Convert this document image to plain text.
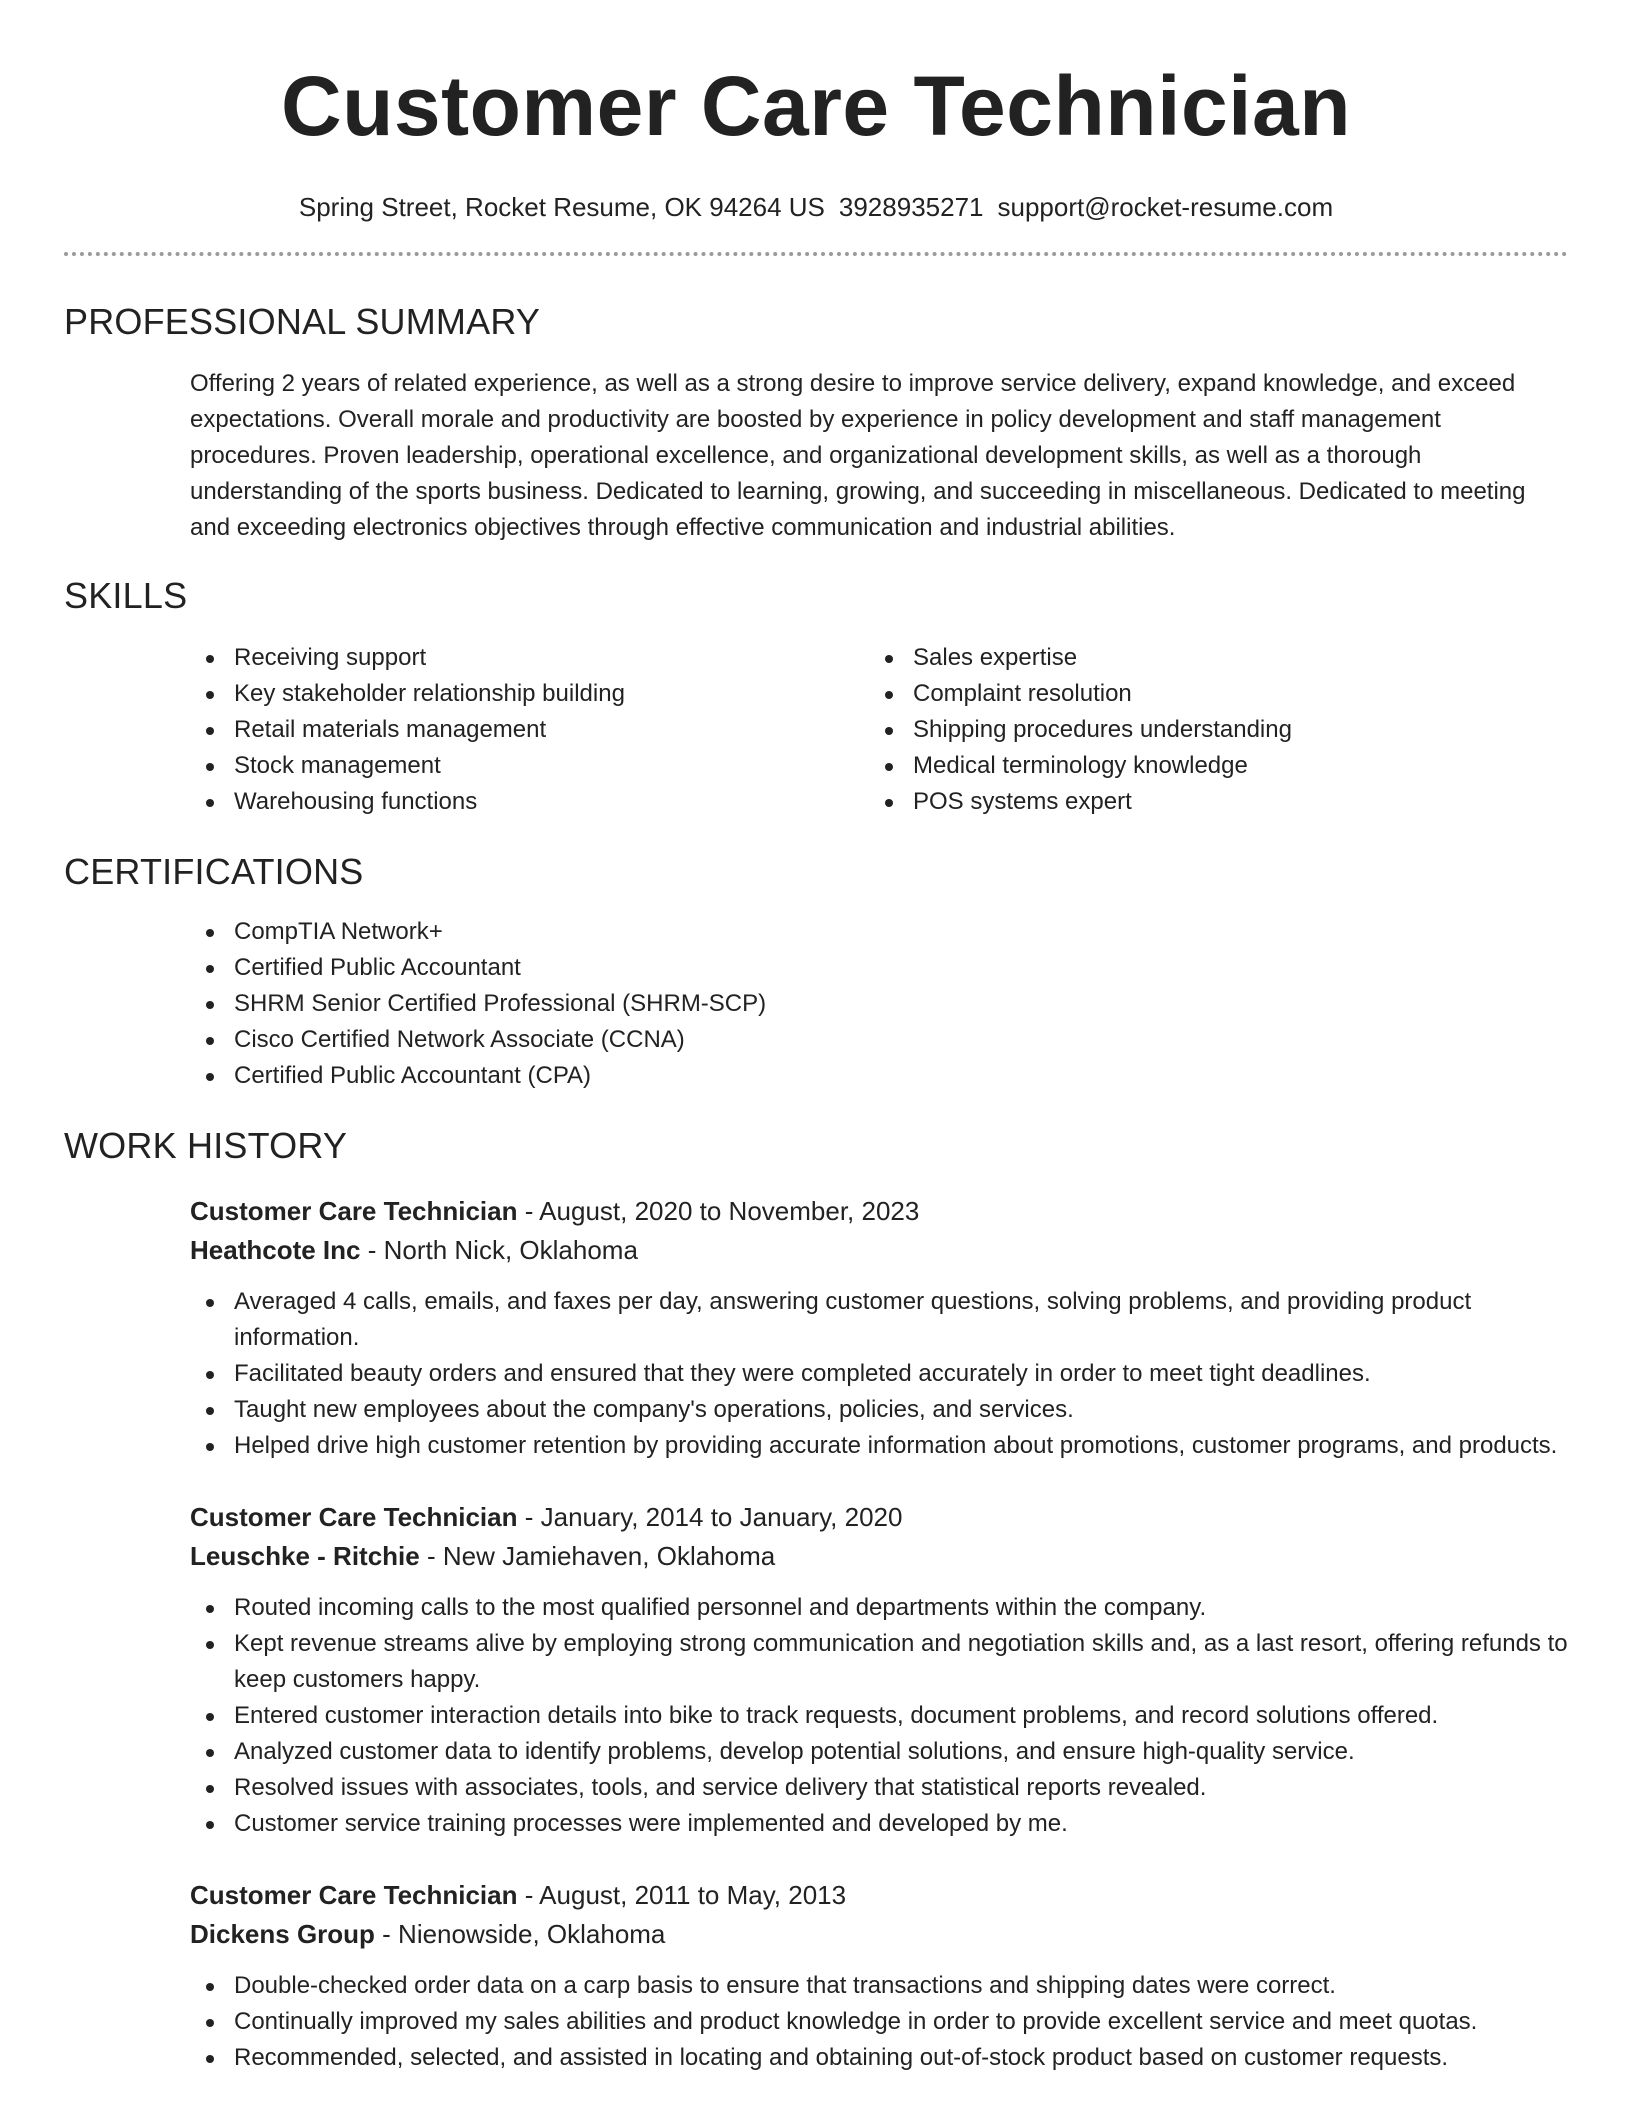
Customer Care Technician
Spring Street, Rocket Resume, OK 94264 US 3928935271 support@rocket-resume.com
PROFESSIONAL SUMMARY

Offering 2 years of related experience, as well as a strong desire to improve service delivery, expand knowledge, and exceed expectations. Overall morale and productivity are boosted by experience in policy development and staff management procedures. Proven leadership, operational excellence, and organizational development skills, as well as a thorough understanding of the sports business. Dedicated to learning, growing, and succeeding in miscellaneous. Dedicated to meeting and exceeding electronics objectives through effective communication and industrial abilities.

SKILLS
Receiving support
Key stakeholder relationship building
Retail materials management
Stock management
Warehousing functions
Sales expertise
Complaint resolution
Shipping procedures understanding
Medical terminology knowledge
POS systems expert
CERTIFICATIONS
CompTIA Network+
Certified Public Accountant
SHRM Senior Certified Professional (SHRM-SCP)
Cisco Certified Network Associate (CCNA)
Certified Public Accountant (CPA)
WORK HISTORY
Customer Care Technician - August, 2020 to November, 2023
Heathcote Inc - North Nick, Oklahoma
Averaged 4 calls, emails, and faxes per day, answering customer questions, solving problems, and providing product information.
Facilitated beauty orders and ensured that they were completed accurately in order to meet tight deadlines.
Taught new employees about the company's operations, policies, and services.
Helped drive high customer retention by providing accurate information about promotions, customer programs, and products.
Customer Care Technician - January, 2014 to January, 2020
Leuschke - Ritchie - New Jamiehaven, Oklahoma
Routed incoming calls to the most qualified personnel and departments within the company.
Kept revenue streams alive by employing strong communication and negotiation skills and, as a last resort, offering refunds to keep customers happy.
Entered customer interaction details into bike to track requests, document problems, and record solutions offered.
Analyzed customer data to identify problems, develop potential solutions, and ensure high-quality service.
Resolved issues with associates, tools, and service delivery that statistical reports revealed.
Customer service training processes were implemented and developed by me.
Customer Care Technician - August, 2011 to May, 2013
Dickens Group - Nienowside, Oklahoma
Double-checked order data on a carp basis to ensure that transactions and shipping dates were correct.
Continually improved my sales abilities and product knowledge in order to provide excellent service and meet quotas.
Recommended, selected, and assisted in locating and obtaining out-of-stock product based on customer requests.
